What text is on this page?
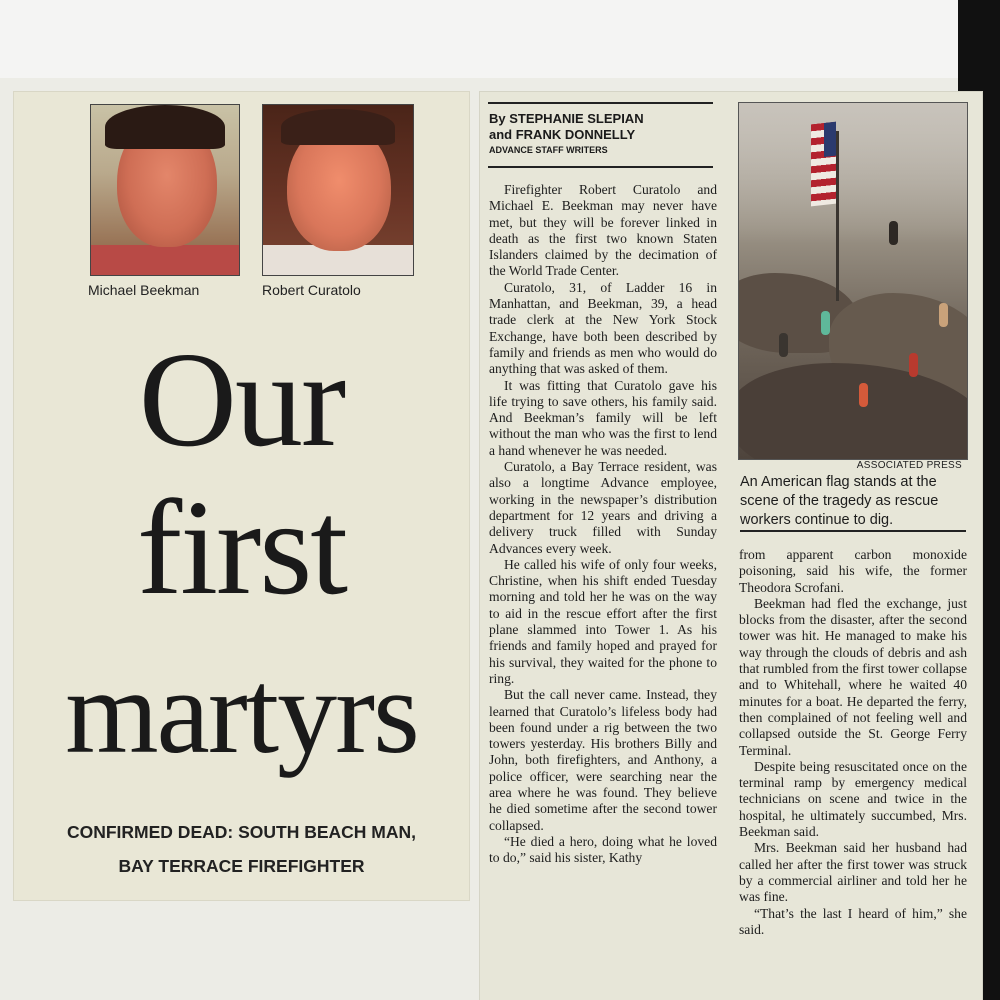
Michael Beekman	Robert Curatolo
Our
first
martyrs
CONFIRMED DEAD: SOUTH BEACH MAN,
BAY TERRACE FIREFIGHTER
By STEPHANIE SLEPIAN
and FRANK DONNELLY
ADVANCE STAFF WRITERS

Firefighter Robert Curatolo and Michael E. Beekman may never have met, but they will be forever linked in death as the first two known Staten Islanders claimed by the decimation of the World Trade Center.

Curatolo, 31, of Ladder 16 in Manhattan, and Beekman, 39, a head trade clerk at the New York Stock Exchange, have both been described by family and friends as men who would do anything that was asked of them.

It was fitting that Curatolo gave his life trying to save others, his family said. And Beekman’s family will be left without the man who was the first to lend a hand whenever he was needed.

Curatolo, a Bay Terrace resident, was also a longtime Advance employee, working in the newspaper’s distribution department for 12 years and driving a delivery truck filled with Sunday Advances every week.

He called his wife of only four weeks, Christine, when his shift ended Tuesday morning and told her he was on the way to aid in the rescue effort after the first plane slammed into Tower 1. As his friends and family hoped and prayed for his survival, they waited for the phone to ring.

But the call never came. Instead, they learned that Curatolo’s lifeless body had been found under a rig between the two towers yesterday. His brothers Billy and John, both firefighters, and Anthony, a police officer, were searching near the area where he was found. They believe he died sometime after the second tower collapsed.

“He died a hero, doing what he loved to do,” said his sister, Kathy

ASSOCIATED PRESS
An American flag stands at the scene of the tragedy as rescue workers continue to dig.

from apparent carbon monoxide poisoning, said his wife, the former Theodora Scrofani.

Beekman had fled the exchange, just blocks from the disaster, after the second tower was hit. He managed to make his way through the clouds of debris and ash that rumbled from the first tower collapse and to Whitehall, where he waited 40 minutes for a boat. He departed the ferry, then complained of not feeling well and collapsed outside the St. George Ferry Terminal.

Despite being resuscitated once on the terminal ramp by emergency medical technicians on scene and twice in the hospital, he ultimately succumbed, Mrs. Beekman said.

Mrs. Beekman said her husband had called her after the first tower was struck by a commercial airliner and told her he was fine.

“That’s the last I heard of him,” she said.
